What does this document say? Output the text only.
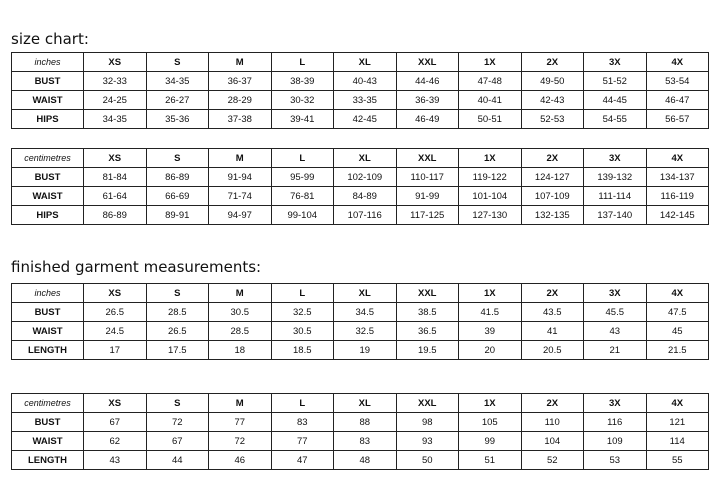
size chart:
inches	XS	S	M	L	XL	XXL	1X	2X	3X	4X
BUST	32-33	34-35	36-37	38-39	40-43	44-46	47-48	49-50	51-52	53-54
WAIST	24-25	26-27	28-29	30-32	33-35	36-39	40-41	42-43	44-45	46-47
HIPS	34-35	35-36	37-38	39-41	42-45	46-49	50-51	52-53	54-55	56-57
centimetres	XS	S	M	L	XL	XXL	1X	2X	3X	4X
BUST	81-84	86-89	91-94	95-99	102-109	110-117	119-122	124-127	139-132	134-137
WAIST	61-64	66-69	71-74	76-81	84-89	91-99	101-104	107-109	111-114	116-119
HIPS	86-89	89-91	94-97	99-104	107-116	117-125	127-130	132-135	137-140	142-145
finished garment measurements:
inches	XS	S	M	L	XL	XXL	1X	2X	3X	4X
BUST	26.5	28.5	30.5	32.5	34.5	38.5	41.5	43.5	45.5	47.5
WAIST	24.5	26.5	28.5	30.5	32.5	36.5	39	41	43	45
LENGTH	17	17.5	18	18.5	19	19.5	20	20.5	21	21.5
centimetres	XS	S	M	L	XL	XXL	1X	2X	3X	4X
BUST	67	72	77	83	88	98	105	110	116	121
WAIST	62	67	72	77	83	93	99	104	109	114
LENGTH	43	44	46	47	48	50	51	52	53	55
